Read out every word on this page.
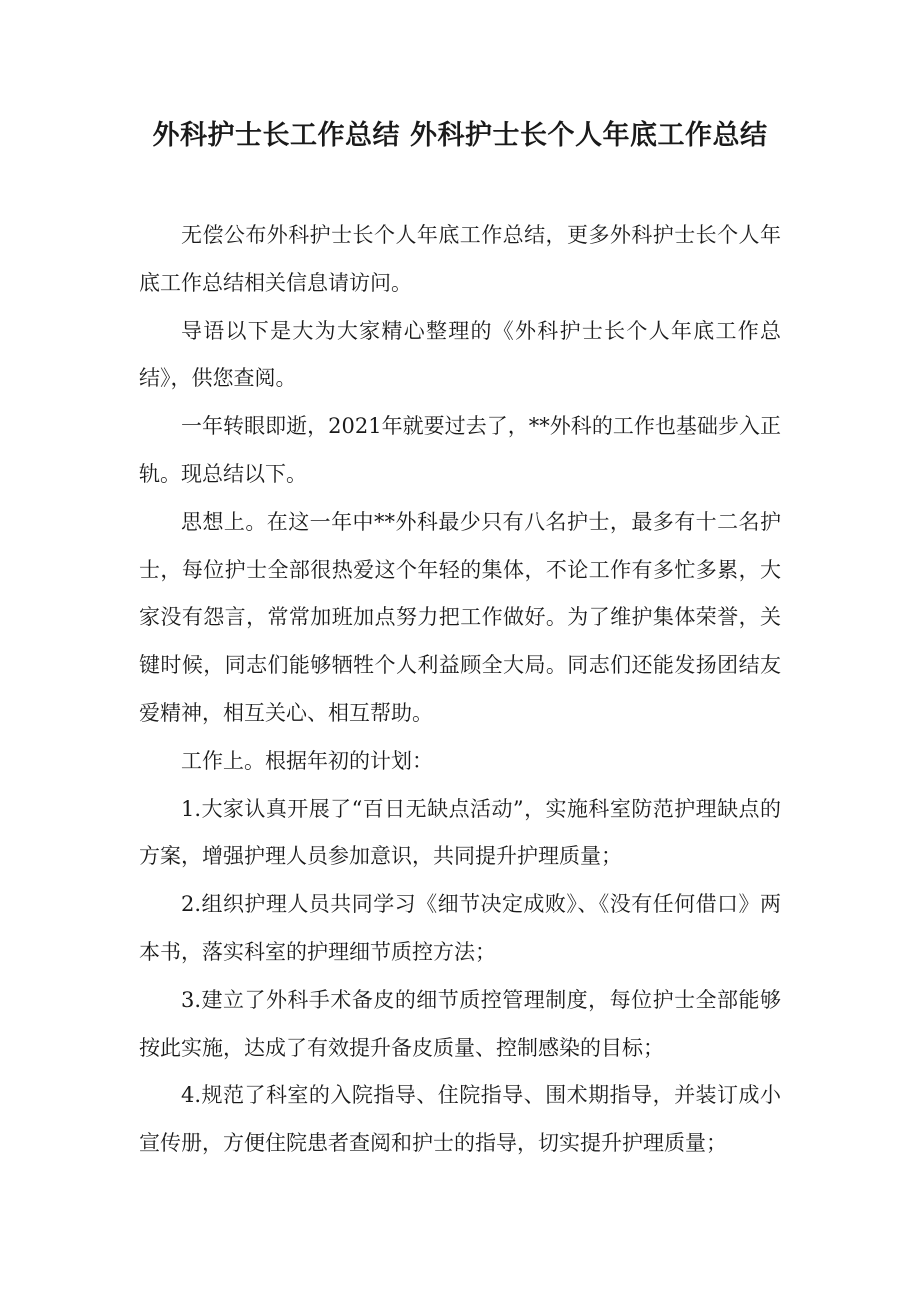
外科护士长工作总结 外科护士长个人年底工作总结

无偿公布外科护士长个人年底工作总结，更多外科护士长个人年底工作总结相关信息请访问。

导语以下是大为大家精心整理的《外科护士长个人年底工作总结》，供您查阅。

一年转眼即逝，2021年就要过去了，**外科的工作也基础步入正轨。现总结以下。

思想上。在这一年中**外科最少只有八名护士，最多有十二名护士，每位护士全部很热爱这个年轻的集体，不论工作有多忙多累，大家没有怨言，常常加班加点努力把工作做好。为了维护集体荣誉，关键时候，同志们能够牺牲个人利益顾全大局。同志们还能发扬团结友爱精神，相互关心、相互帮助。

工作上。根据年初的计划：

1.大家认真开展了“百日无缺点活动”，实施科室防范护理缺点的方案，增强护理人员参加意识，共同提升护理质量；

2.组织护理人员共同学习《细节决定成败》、《没有任何借口》两本书，落实科室的护理细节质控方法；

3.建立了外科手术备皮的细节质控管理制度，每位护士全部能够按此实施，达成了有效提升备皮质量、控制感染的目标；

4.规范了科室的入院指导、住院指导、围术期指导，并装订成小宣传册，方便住院患者查阅和护士的指导，切实提升护理质量；
